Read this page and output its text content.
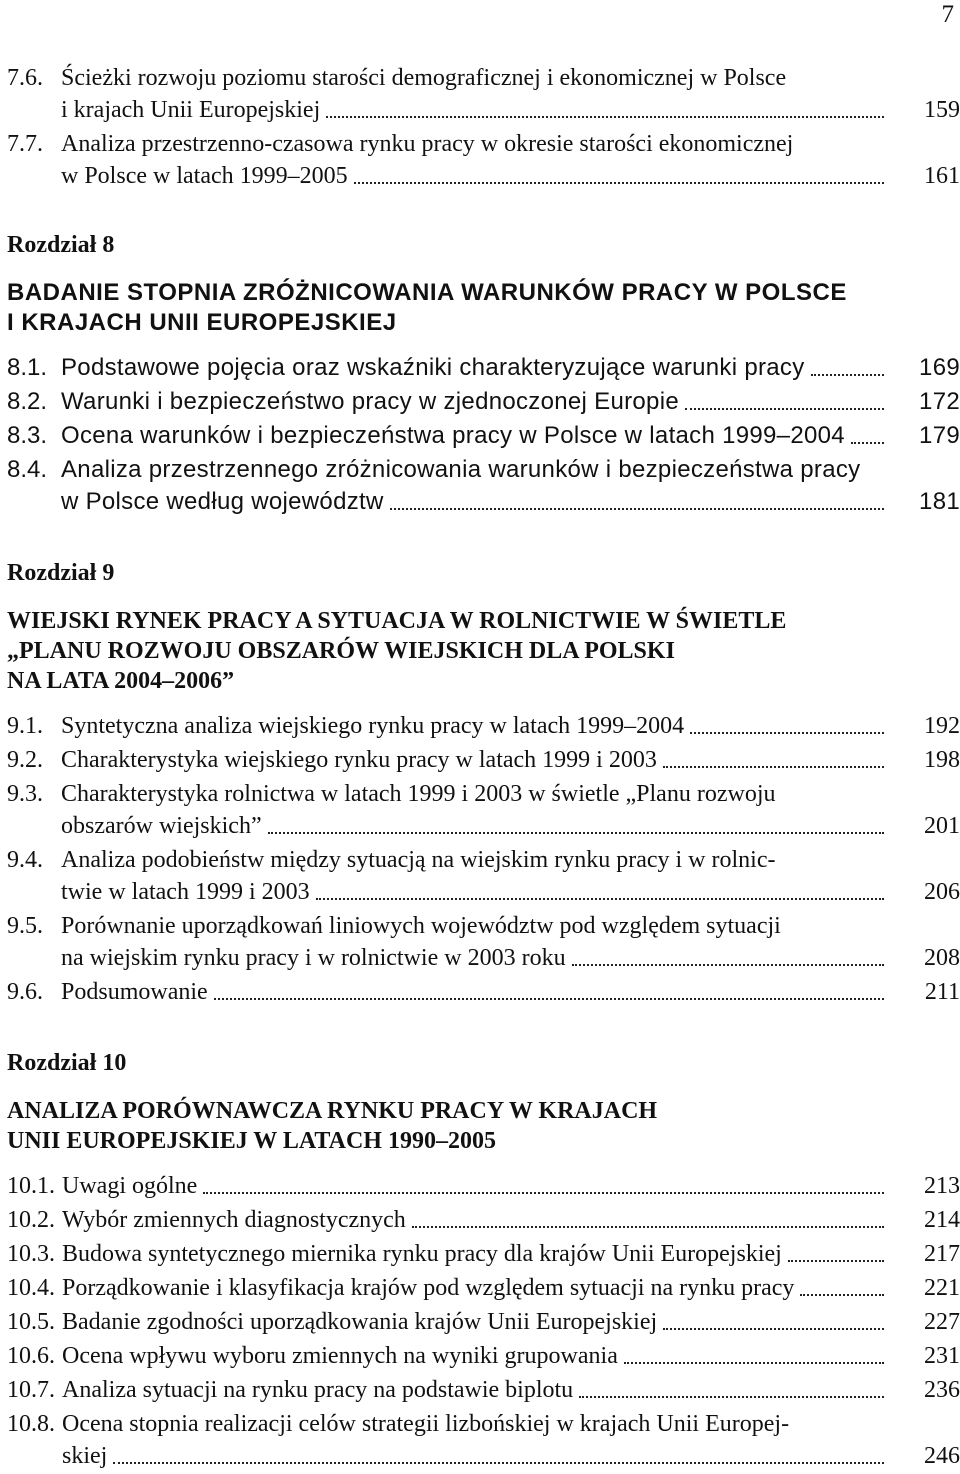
7
7.6. Ścieżki rozwoju poziomu starości demograficznej i ekonomicznej w Polsce
i krajach Unii Europejskiej	159
7.7. Analiza przestrzenno-czasowa rynku pracy w okresie starości ekonomicznej
w Polsce w latach 1999–2005	161
Rozdział 8
BADANIE STOPNIA ZRÓŻNICOWANIA WARUNKÓW PRACY W POLSCE
I KRAJACH UNII EUROPEJSKIEJ
8.1. Podstawowe pojęcia oraz wskaźniki charakteryzujące warunki pracy	169
8.2. Warunki i bezpieczeństwo pracy w zjednoczonej Europie	172
8.3. Ocena warunków i bezpieczeństwa pracy w Polsce w latach 1999–2004	179
8.4. Analiza przestrzennego zróżnicowania warunków i bezpieczeństwa pracy
w Polsce według województw	181
Rozdział 9
WIEJSKI RYNEK PRACY A SYTUACJA W ROLNICTWIE W ŚWIETLE
„PLANU ROZWOJU OBSZARÓW WIEJSKICH DLA POLSKI
NA LATA 2004–2006”
9.1. Syntetyczna analiza wiejskiego rynku pracy w latach 1999–2004	192
9.2. Charakterystyka wiejskiego rynku pracy w latach 1999 i 2003	198
9.3. Charakterystyka rolnictwa w latach 1999 i 2003 w świetle „Planu rozwoju
obszarów wiejskich”	201
9.4. Analiza podobieństw między sytuacją na wiejskim rynku pracy i w rolnic-
twie w latach 1999 i 2003	206
9.5. Porównanie uporządkowań liniowych województw pod względem sytuacji
na wiejskim rynku pracy i w rolnictwie w 2003 roku	208
9.6. Podsumowanie	211
Rozdział 10
ANALIZA PORÓWNAWCZA RYNKU PRACY W KRAJACH
UNII EUROPEJSKIEJ W LATACH 1990–2005
10.1. Uwagi ogólne	213
10.2. Wybór zmiennych diagnostycznych	214
10.3. Budowa syntetycznego miernika rynku pracy dla krajów Unii Europejskiej	217
10.4. Porządkowanie i klasyfikacja krajów pod względem sytuacji na rynku pracy	221
10.5. Badanie zgodności uporządkowania krajów Unii Europejskiej	227
10.6. Ocena wpływu wyboru zmiennych na wyniki grupowania	231
10.7. Analiza sytuacji na rynku pracy na podstawie biplotu	236
10.8. Ocena stopnia realizacji celów strategii lizbońskiej w krajach Unii Europej-
skiej	246
